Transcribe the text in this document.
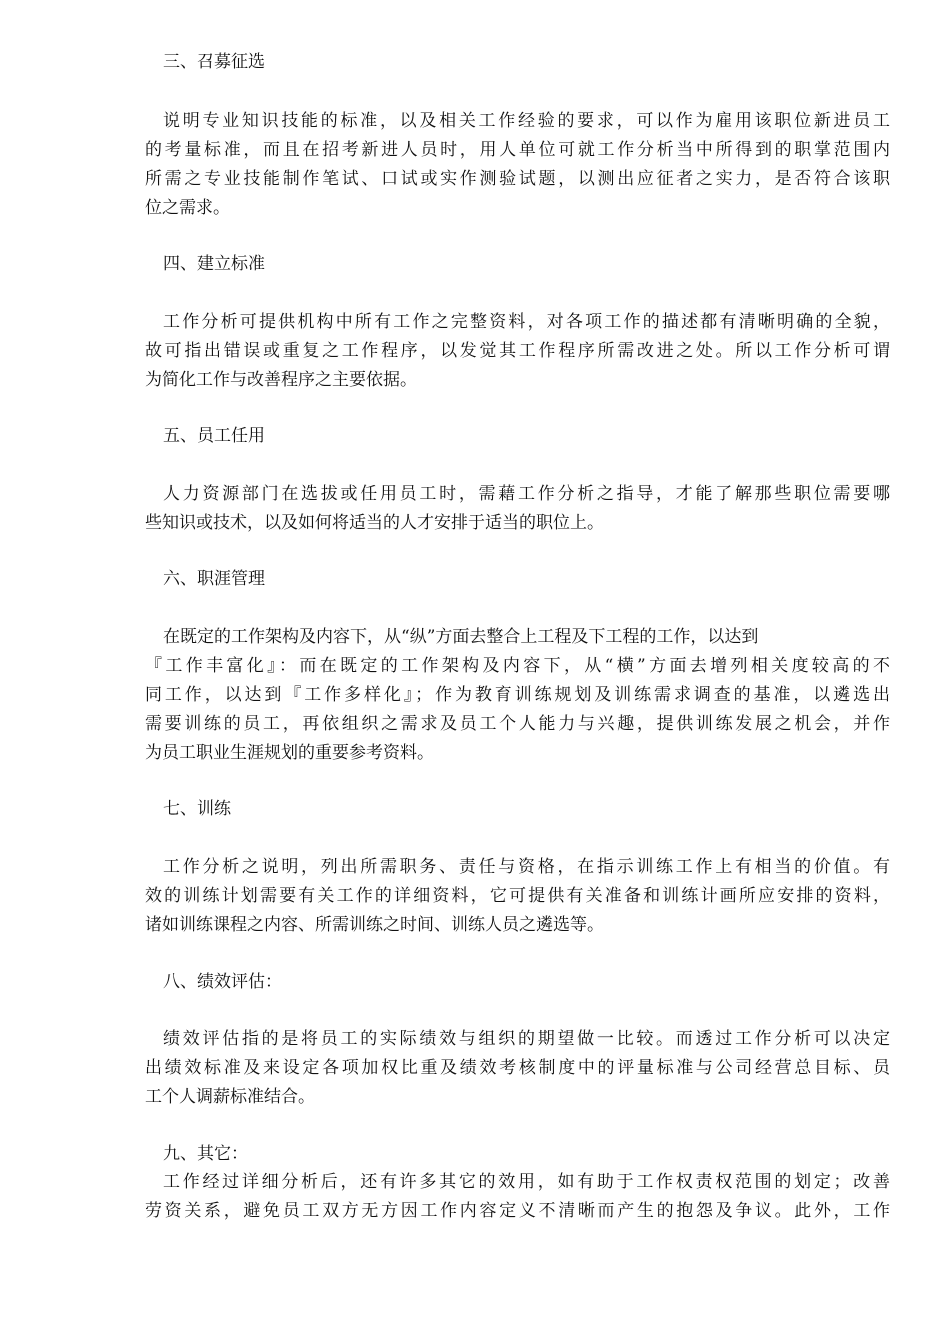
三、召募征选
说明专业知识技能的标准，以及相关工作经验的要求，可以作为雇用该职位新进员工
的考量标准，而且在招考新进人员时，用人单位可就工作分析当中所得到的职掌范围内
所需之专业技能制作笔试、口试或实作测验试题，以测出应征者之实力，是否符合该职
位之需求。
四、建立标准
工作分析可提供机构中所有工作之完整资料，对各项工作的描述都有清晰明确的全貌，
故可指出错误或重复之工作程序，以发觉其工作程序所需改进之处。所以工作分析可谓
为简化工作与改善程序之主要依据。
五、员工任用
人力资源部门在选拔或任用员工时，需藉工作分析之指导，才能了解那些职位需要哪
些知识或技术，以及如何将适当的人才安排于适当的职位上。
六、职涯管理
在既定的工作架构及内容下，从“纵”方面去整合上工程及下工程的工作，以达到
『工作丰富化』：而在既定的工作架构及内容下，从“横”方面去增列相关度较高的不
同工作，以达到『工作多样化』；作为教育训练规划及训练需求调查的基准，以遴选出
需要训练的员工，再依组织之需求及员工个人能力与兴趣，提供训练发展之机会，并作
为员工职业生涯规划的重要参考资料。
七、训练
工作分析之说明，列出所需职务、责任与资格，在指示训练工作上有相当的价值。有
效的训练计划需要有关工作的详细资料，它可提供有关准备和训练计画所应安排的资料，
诸如训练课程之内容、所需训练之时间、训练人员之遴选等。
八、绩效评估：
绩效评估指的是将员工的实际绩效与组织的期望做一比较。而透过工作分析可以决定
出绩效标准及来设定各项加权比重及绩效考核制度中的评量标准与公司经营总目标、员
工个人调薪标准结合。
九、其它：
工作经过详细分析后，还有许多其它的效用，如有助于工作权责权范围的划定；改善
劳资关系，避免员工双方无方因工作内容定义不清晰而产生的抱怨及争议。此外，工作
